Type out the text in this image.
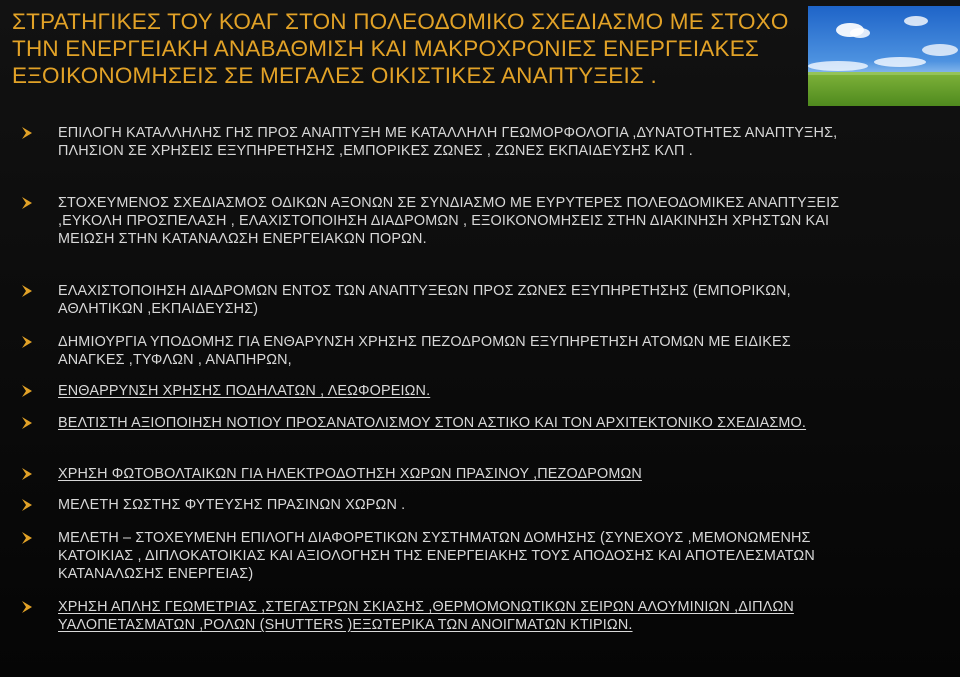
ΣΤΡΑΤΗΓΙΚΕΣ ΤΟΥ ΚΟΑΓ ΣΤΟΝ ΠΟΛΕΟΔΟΜΙΚΟ ΣΧΕΔΙΑΣΜΟ ΜΕ ΣΤΟΧΟ ΤΗΝ ΕΝΕΡΓΕΙΑΚΗ ΑΝΑΒΑΘΜΙΣΗ ΚΑΙ ΜΑΚΡΟΧΡΟΝΙΕΣ ΕΝΕΡΓΕΙΑΚΕΣ ΕΞΟΙΚΟΝΟΜΗΣΕΙΣ ΣΕ ΜΕΓΑΛΕΣ ΟΙΚΙΣΤΙΚΕΣ ΑΝΑΠΤΥΞΕΙΣ .
ΕΠΙΛΟΓΗ ΚΑΤΑΛΛΗΛΗΣ ΓΗΣ ΠΡΟΣ ΑΝΑΠΤΥΞΗ ΜΕ ΚΑΤΑΛΛΗΛΗ ΓΕΩΜΟΡΦΟΛΟΓΙΑ ,ΔΥΝΑΤΟΤΗΤΕΣ ΑΝΑΠΤΥΞΗΣ, ΠΛΗΣΙΟΝ ΣΕ ΧΡΗΣΕΙΣ ΕΞΥΠΗΡΕΤΗΣΗΣ ,ΕΜΠΟΡΙΚΕΣ ΖΩΝΕΣ , ΖΩΝΕΣ ΕΚΠΑΙΔΕΥΣΗΣ ΚΛΠ .
ΣΤΟΧΕΥΜΕΝΟΣ ΣΧΕΔΙΑΣΜΟΣ ΟΔΙΚΩΝ ΑΞΟΝΩΝ ΣΕ ΣΥΝΔΙΑΣΜΟ ΜΕ ΕΥΡΥΤΕΡΕΣ ΠΟΛΕΟΔΟΜΙΚΕΣ ΑΝΑΠΤΥΞΕΙΣ ,ΕΥΚΟΛΗ ΠΡΟΣΠΕΛΑΣΗ , ΕΛΑΧΙΣΤΟΠΟΙΗΣΗ ΔΙΑΔΡΟΜΩΝ , ΕΞΟΙΚΟΝΟΜΗΣΕΙΣ ΣΤΗΝ ΔΙΑΚΙΝΗΣΗ ΧΡΗΣΤΩΝ ΚΑΙ ΜΕΙΩΣΗ ΣΤΗΝ ΚΑΤΑΝΑΛΩΣΗ ΕΝΕΡΓΕΙΑΚΩΝ ΠΟΡΩΝ.
ΕΛΑΧΙΣΤΟΠΟΙΗΣΗ ΔΙΑΔΡΟΜΩΝ ΕΝΤΟΣ ΤΩΝ ΑΝΑΠΤΥΞΕΩΝ ΠΡΟΣ ΖΩΝΕΣ ΕΞΥΠΗΡΕΤΗΣΗΣ (ΕΜΠΟΡΙΚΩΝ, ΑΘΛΗΤΙΚΩΝ ,ΕΚΠΑΙΔΕΥΣΗΣ)
ΔΗΜΙΟΥΡΓΙΑ ΥΠΟΔΟΜΗΣ ΓΙΑ ΕΝΘΑΡΥΝΣΗ ΧΡΗΣΗΣ ΠΕΖΟΔΡΟΜΩΝ ΕΞΥΠΗΡΕΤΗΣΗ ΑΤΟΜΩΝ ΜΕ ΕΙΔΙΚΕΣ ΑΝΑΓΚΕΣ ,ΤΥΦΛΩΝ , ΑΝΑΠΗΡΩΝ,
ΕΝΘΑΡΡΥΝΣΗ ΧΡΗΣΗΣ ΠΟΔΗΛΑΤΩΝ , ΛΕΩΦΟΡΕΙΩΝ.
ΒΕΛΤΙΣΤΗ ΑΞΙΟΠΟΙΗΣΗ ΝΟΤΙΟΥ ΠΡΟΣΑΝΑΤΟΛΙΣΜΟΥ ΣΤΟΝ ΑΣΤΙΚΟ ΚΑΙ ΤΟΝ ΑΡΧΙΤΕΚΤΟΝΙΚΟ ΣΧΕΔΙΑΣΜΟ.
ΧΡΗΣΗ ΦΩΤΟΒΟΛΤΑΙΚΩΝ ΓΙΑ ΗΛΕΚΤΡΟΔΟΤΗΣΗ ΧΩΡΩΝ ΠΡΑΣΙΝΟΥ ,ΠΕΖΟΔΡΟΜΩΝ
ΜΕΛΕΤΗ ΣΩΣΤΗΣ ΦΥΤΕΥΣΗΣ ΠΡΑΣΙΝΩΝ ΧΩΡΩΝ .
ΜΕΛΕΤΗ – ΣΤΟΧΕΥΜΕΝΗ ΕΠΙΛΟΓΗ ΔΙΑΦΟΡΕΤΙΚΩΝ ΣΥΣΤΗΜΑΤΩΝ ΔΟΜΗΣΗΣ (ΣΥΝΕΧΟΥΣ ,ΜΕΜΟΝΩΜΕΝΗΣ ΚΑΤΟΙΚΙΑΣ , ΔΙΠΛΟΚΑΤΟΙΚΙΑΣ ΚΑΙ ΑΞΙΟΛΟΓΗΣΗ ΤΗΣ ΕΝΕΡΓΕΙΑΚΗΣ ΤΟΥΣ ΑΠΟΔΟΣΗΣ ΚΑΙ ΑΠΟΤΕΛΕΣΜΑΤΩΝ ΚΑΤΑΝΑΛΩΣΗΣ ΕΝΕΡΓΕΙΑΣ)
ΧΡΗΣΗ ΑΠΛΗΣ ΓΕΩΜΕΤΡΙΑΣ ,ΣΤΕΓΑΣΤΡΩΝ ΣΚΙΑΣΗΣ ,ΘΕΡΜΟΜΟΝΩΤΙΚΩΝ ΣΕΙΡΩΝ ΑΛΟΥΜΙΝΙΩΝ ,ΔΙΠΛΩΝ ΥΑΛΟΠΕΤΑΣΜΑΤΩΝ ,ΡΟΛΩΝ (SHUTTERS )ΕΞΩΤΕΡΙΚΑ ΤΩΝ ΑΝΟΙΓΜΑΤΩΝ ΚΤΙΡΙΩΝ.
